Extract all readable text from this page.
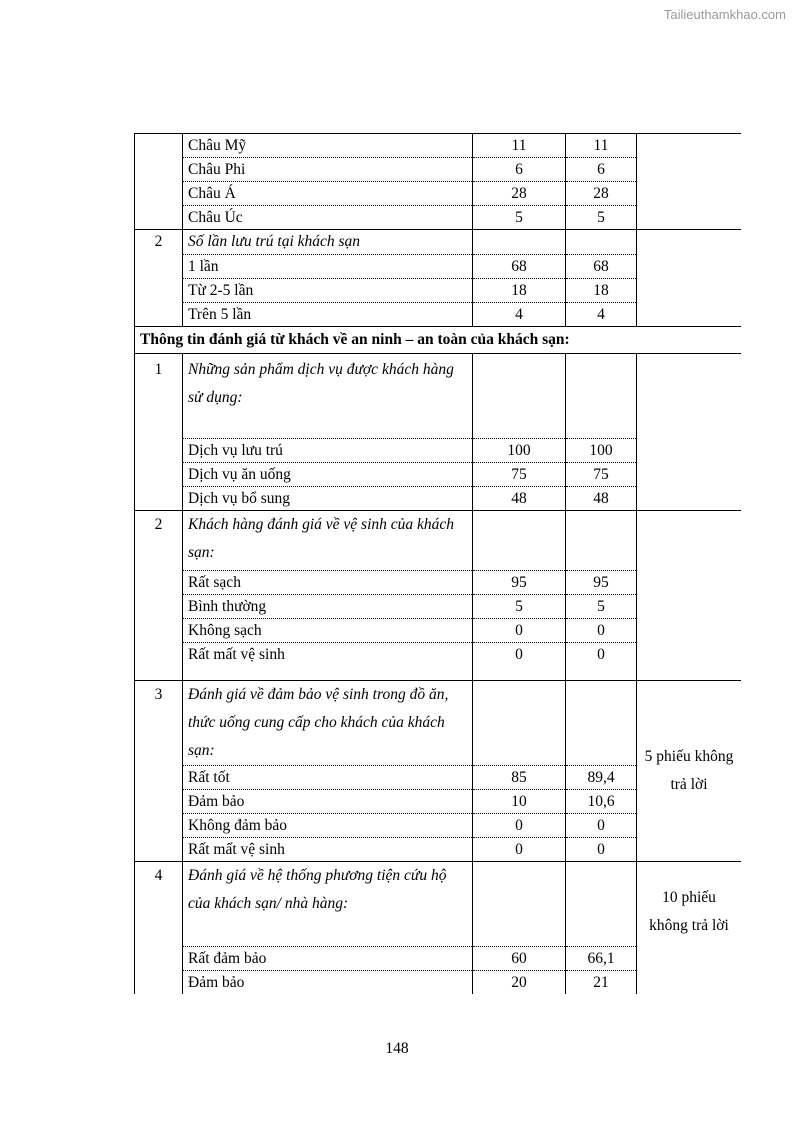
Tailieuthamkhao.com
	Châu Mỹ	11	11	
	Châu Phi	6	6	
	Châu Á	28	28	
	Châu Úc	5	5	
2	Số lần lưu trú tại khách sạn			

	1 lần	68	68	
	Từ 2-5 lần	18	18	
	Trên 5 lần	4	4	
Thông tin đánh giá từ khách về an ninh – an toàn của khách sạn:				

1	Những sản phẩm dịch vụ được khách hàng sử dụng:			

	Dịch vụ lưu trú	100	100	
	Dịch vụ ăn uống	75	75	
	Dịch vụ bổ sung	48	48	

2	Khách hàng đánh giá về vệ sinh của khách sạn:			

	Rất sạch	95	95	
	Bình thường	5	5	
	Không sạch	0	0	
	Rất mất vệ sinh	0	0	

3	Đánh giá về đảm bảo vệ sinh trong đồ ăn, thức uống cung cấp cho khách của khách sạn:			5 phiếu không trả lời
	Rất tốt	85	89,4	
	Đảm bảo	10	10,6	
	Không đảm bảo	0	0	
	Rất mất vệ sinh	0	0	

4	Đánh giá về hệ thống phương tiện cứu hộ của khách sạn/ nhà hàng:			10 phiếu không trả lời
	Rất đảm bảo	60	66,1	
	Đảm bảo	20	21	
148
